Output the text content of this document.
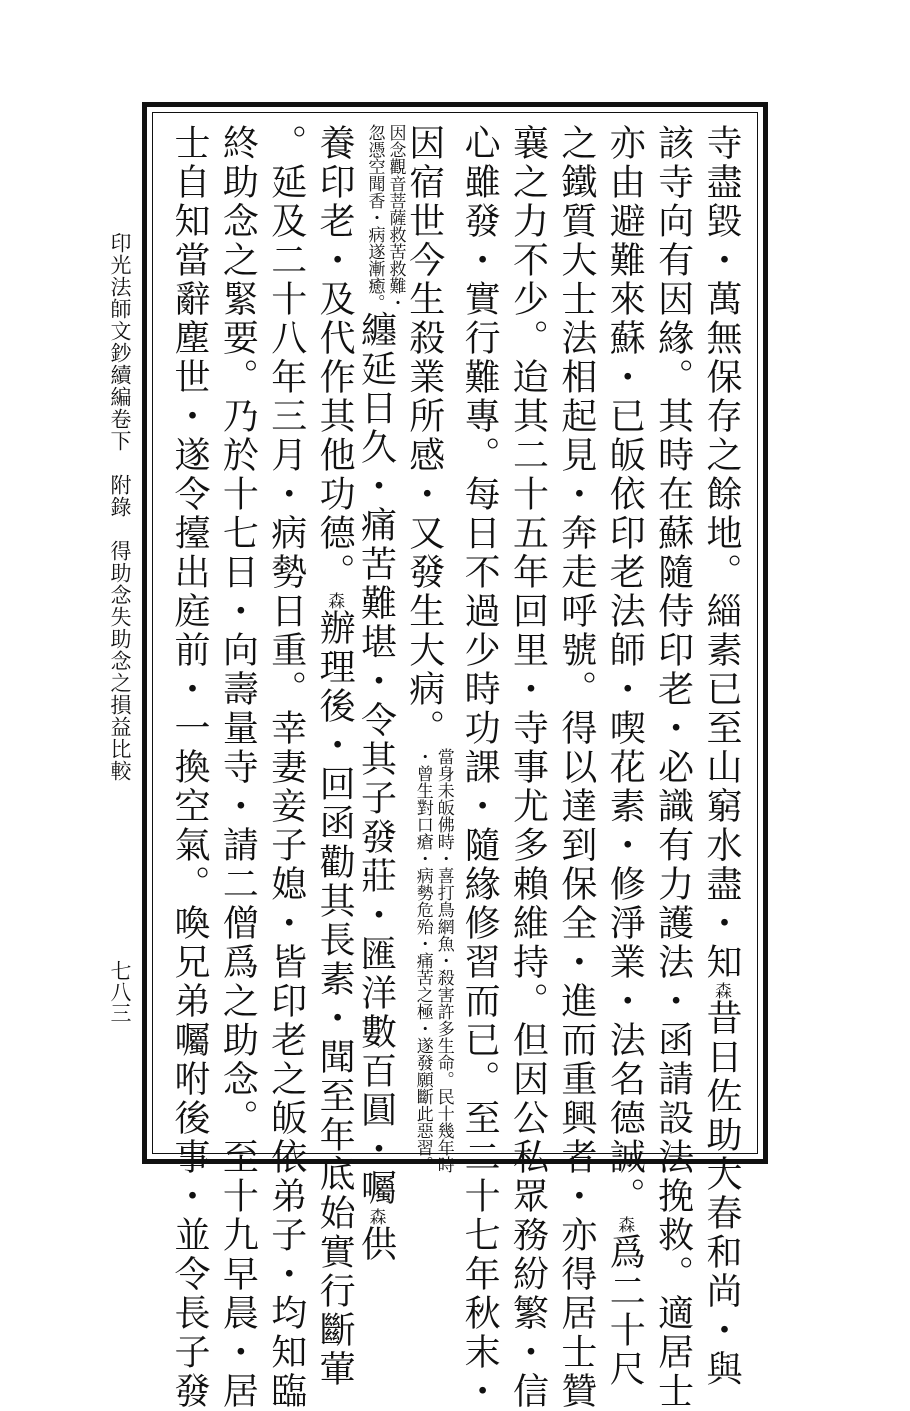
印光法師文鈔續編卷下　附錄　得助念失助念之損益比較
七八三
寺盡毀・萬無保存之餘地。緇素已至山窮水盡・知森昔日佐助大春和尚・與
該寺向有因緣。其時在蘇隨侍印老・必識有力護法・函請設法挽救。適居士
亦由避難來蘇・已皈依印老法師・喫花素・修淨業・法名德誠。森爲二十尺
之鐵質大士法相起見・奔走呼號。得以達到保全・進而重興者・亦得居士贊
襄之力不少。迨其二十五年回里・寺事尤多賴維持。但因公私眾務紛繁・信
心雖發・實行難專。每日不過少時功課・隨緣修習而已。至二十七年秋末・
因宿世今生殺業所感・又發生大病。
當身未皈佛時・喜打鳥網魚・殺害許多生命。民十幾年時
・曾生對口瘡・病勢危殆・痛苦之極・遂發願斷此惡習。
因念觀音菩薩救苦救難・
忽憑空聞香・病遂漸癒。
纏延日久・痛苦難堪・令其子發莊・匯洋數百圓・囑森供
養印老・及代作其他功德。森辦理後・回函勸其長素・聞至年底始實行斷葷
。延及二十八年三月・病勢日重。幸妻妾子媳・皆印老之皈依弟子・均知臨
終助念之緊要。乃於十七日・向壽量寺・請二僧爲之助念。至十九早晨・居
士自知當辭塵世・遂令擡出庭前・一換空氣。喚兄弟囑咐後事・並令長子發
